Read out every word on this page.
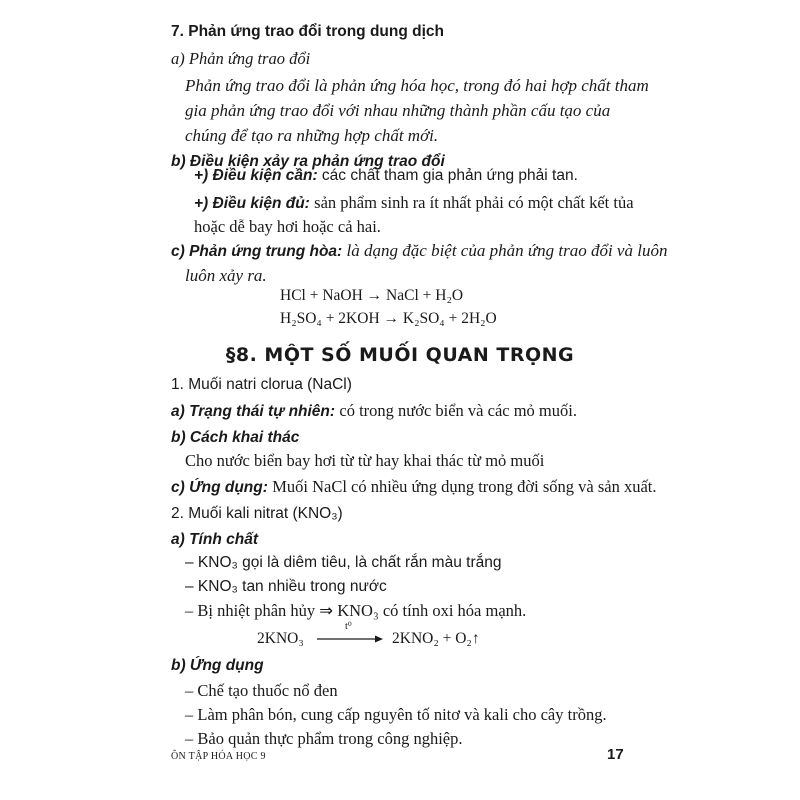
7. Phản ứng trao đổi trong dung dịch
a) Phản ứng trao đổi
Phản ứng trao đổi là phản ứng hóa học, trong đó hai hợp chất tham
gia phản ứng trao đổi với nhau những thành phần cấu tạo của
chúng để tạo ra những hợp chất mới.
b) Điều kiện xảy ra phản ứng trao đổi
+) Điều kiện cần: các chất tham gia phản ứng phải tan.
+) Điều kiện đủ: sản phẩm sinh ra ít nhất phải có một chất kết tủa
hoặc dễ bay hơi hoặc cả hai.
c) Phản ứng trung hòa: là dạng đặc biệt của phản ứng trao đổi và luôn
luôn xảy ra.
HCl + NaOH → NaCl + H₂O
H₂SO₄ + 2KOH → K₂SO₄ + 2H₂O
§8. MỘT SỐ MUỐI QUAN TRỌNG
1. Muối natri clorua (NaCl)
a) Trạng thái tự nhiên: có trong nước biển và các mỏ muối.
b) Cách khai thác
Cho nước biển bay hơi từ từ hay khai thác từ mỏ muối
c) Ứng dụng: Muối NaCl có nhiều ứng dụng trong đời sống và sản xuất.
2. Muối kali nitrat (KNO₃)
a) Tính chất
– KNO₃ gọi là diêm tiêu, là chất rắn màu trắng
– KNO₃ tan nhiều trong nước
– Bị nhiệt phân hủy ⇒ KNO₃ có tính oxi hóa mạnh.
2KNO₃
t⁰
2KNO₂ + O₂↑
b) Ứng dụng
– Chế tạo thuốc nổ đen
– Làm phân bón, cung cấp nguyên tố nitơ và kali cho cây trồng.
– Bảo quản thực phẩm trong công nghiệp.
ÔN TẬP HÓA HỌC 9	17
